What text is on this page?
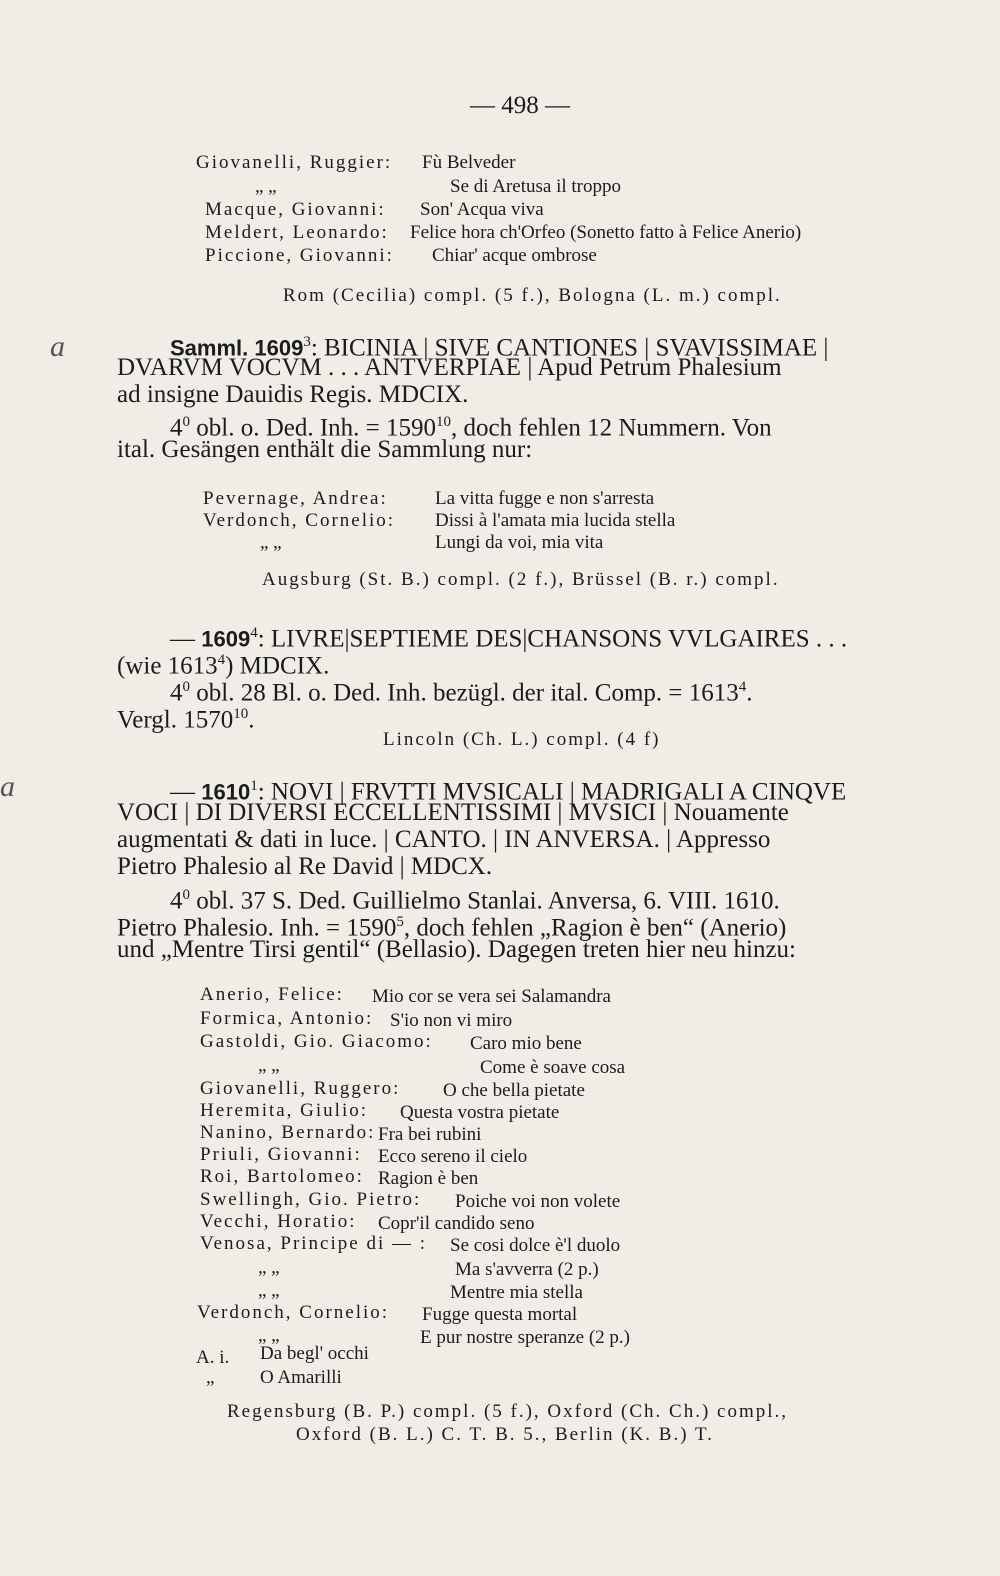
— 498 —
Giovanelli, Ruggier: Fù Belveder
„ „	Se di Aretusa il troppo
Macque, Giovanni: Son' Acqua viva
Meldert, Leonardo: Felice hora ch'Orfeo (Sonetto fatto à Felice Anerio)
Piccione, Giovanni: Chiar' acque ombrose
Rom (Cecilia) compl. (5 f.), Bologna (L. m.) compl.
a	Samml. 1609$^3$: BICINIA | SIVE CANTIONES | SVAVISSIMAE |
DVARVM VOCVM . . . ANTVERPIAE | Apud Petrum Phalesium
ad insigne Dauidis Regis. MDCIX.
$4^0$ obl. o. Ded. Inh. = $1590^{10}$, doch fehlen 12 Nummern. Von
ital. Gesängen enthält die Sammlung nur:
Pevernage, Andrea: La vitta fugge e non s'arresta
Verdonch, Cornelio: Dissi à l'amata mia lucida stella
„ „	Lungi da voi, mia vita
Augsburg (St. B.) compl. (2 f.), Brüssel (B. r.) compl.
— 1609$^4$: LIVRE|SEPTIEME DES|CHANSONS VVLGAIRES . . .
(wie 1613$^4$) MDCIX.
$4^0$ obl. 28 Bl. o. Ded. Inh. bezügl. der ital. Comp. = $1613^4$.
Vergl. 1570$^{10}$.
Lincoln (Ch. L.) compl. (4 f)
a	— 1610$^1$: NOVI | FRVTTI MVSICALI | MADRIGALI A CINQVE
VOCI | DI DIVERSI ECCELLENTISSIMI | MVSICI | Nouamente
augmentati & dati in luce. | CANTO. | IN ANVERSA. | Appresso
Pietro Phalesio al Re David | MDCX.
$4^0$ obl. 37 S. Ded. Guillielmo Stanlai. Anversa, 6. VIII. 1610.
Pietro Phalesio. Inh. = $1590^5$, doch fehlen „Ragion è ben“ (Anerio)
und „Mentre Tirsi gentil“ (Bellasio). Dagegen treten hier neu hinzu:
Anerio, Felice: Mio cor se vera sei Salamandra
Formica, Antonio: S'io non vi miro
Gastoldi, Gio. Giacomo: Caro mio bene
„ „	Come è soave cosa
Giovanelli, Ruggero: O che bella pietate
Heremita, Giulio: Questa vostra pietate
Nanino, Bernardo: Fra bei rubini
Priuli, Giovanni: Ecco sereno il cielo
Roi, Bartolomeo: Ragion è ben
Swellingh, Gio. Pietro: Poiche voi non volete
Vecchi, Horatio: Copr'il candido seno
Venosa, Principe di — : Se cosi dolce è'l duolo
„ „	Ma s'avverra (2 p.)
„ „	Mentre mia stella
Verdonch, Cornelio: Fugge questa mortal
„ „	E pur nostre speranze (2 p.)
A. i. Da begl' occhi
„ O Amarilli
Regensburg (B. P.) compl. (5 f.), Oxford (Ch. Ch.) compl.,
Oxford (B. L.) C. T. B. 5., Berlin (K. B.) T.
